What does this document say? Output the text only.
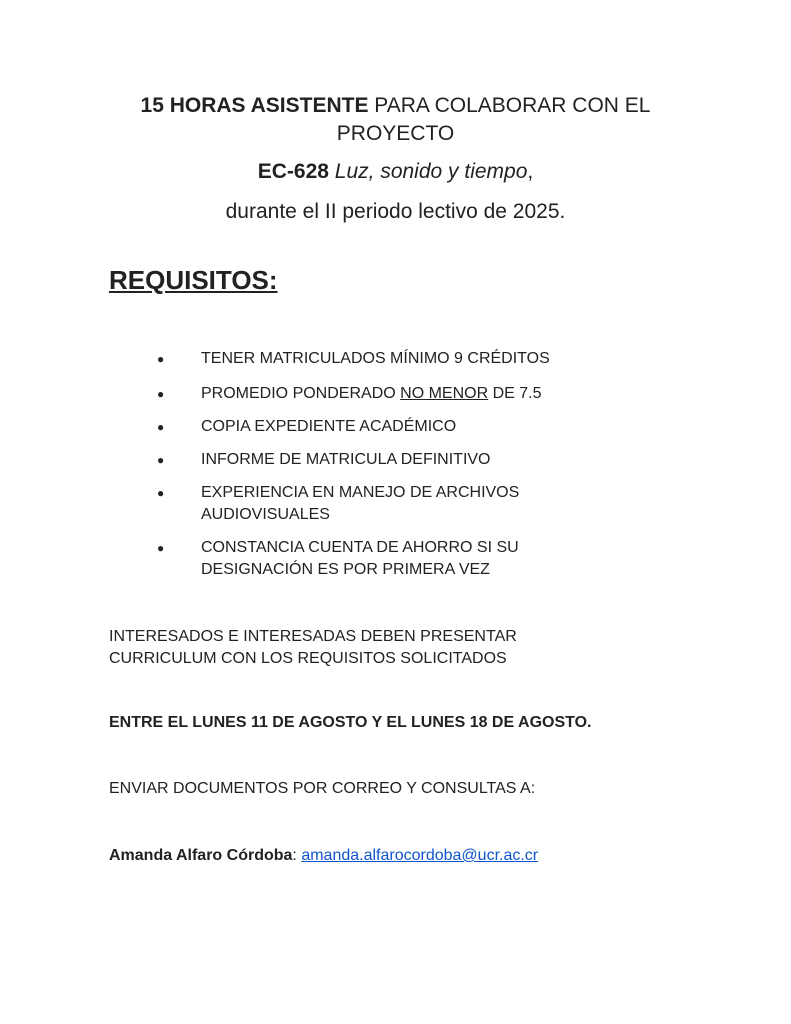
15 HORAS ASISTENTE PARA COLABORAR CON EL
PROYECTO
EC-628 Luz, sonido y tiempo,
durante el II periodo lectivo de 2025.
REQUISITOS:
● TENER MATRICULADOS MÍNIMO 9 CRÉDITOS
● PROMEDIO PONDERADO NO MENOR DE 7.5
● COPIA EXPEDIENTE ACADÉMICO
● INFORME DE MATRICULA DEFINITIVO
● EXPERIENCIA EN MANEJO DE ARCHIVOS
AUDIOVISUALES
● CONSTANCIA CUENTA DE AHORRO SI SU
DESIGNACIÓN ES POR PRIMERA VEZ
INTERESADOS E INTERESADAS DEBEN PRESENTAR
CURRICULUM CON LOS REQUISITOS SOLICITADOS
ENTRE EL LUNES 11 DE AGOSTO Y EL LUNES 18 DE AGOSTO.
ENVIAR DOCUMENTOS POR CORREO Y CONSULTAS A:
Amanda Alfaro Córdoba: amanda.alfarocordoba@ucr.ac.cr
